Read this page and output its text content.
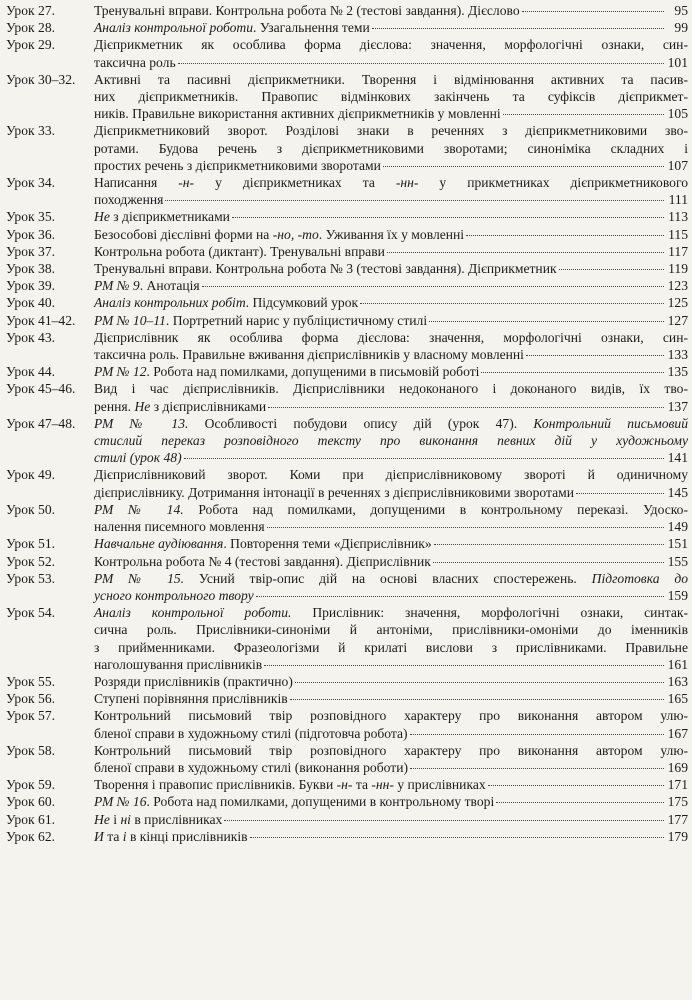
Урок 27.	Тренувальні вправи. Контрольна робота № 2 (тестові завдання). Дієслово	95
Урок 28.	Аналіз контрольної роботи. Узагальнення теми	99
Урок 29.	Дієприкметник як особлива форма дієслова: значення, морфологічні ознаки, син-
таксична роль	101
Урок 30–32.	Активні та пасивні дієприкметники. Творення і відмінювання активних та пасив-
них дієприкметників. Правопис відмінкових закінчень та суфіксів дієприкмет-
ників. Правильне використання активних дієприкметників у мовленні	105
Урок 33.	Дієприкметниковий зворот. Розділові знаки в реченнях з дієприкметниковими зво-
ротами. Будова речень з дієприкметниковими зворотами; синоніміка складних і
простих речень з дієприкметниковими зворотами	107
Урок 34.	Написання -н- у дієприкметниках та -нн- у прикметниках дієприкметникового
походження	111
Урок 35.	Не з дієприкметниками	113
Урок 36.	Безособові дієслівні форми на -но, -то. Уживання їх у мовленні	115
Урок 37.	Контрольна робота (диктант). Тренувальні вправи	117
Урок 38.	Тренувальні вправи. Контрольна робота № 3 (тестові завдання). Дієприкметник	119
Урок 39.	РМ № 9. Анотація	123
Урок 40.	Аналіз контрольних робіт. Підсумковий урок	125
Урок 41–42.	РМ № 10–11. Портретний нарис у публіцистичному стилі	127
Урок 43.	Дієприслівник як особлива форма дієслова: значення, морфологічні ознаки, син-
таксична роль. Правильне вживання дієприслівників у власному мовленні	133
Урок 44.	РМ № 12. Робота над помилками, допущеними в письмовій роботі	135
Урок 45–46.	Вид і час дієприслівників. Дієприслівники недоконаного і доконаного видів, їх тво-
рення. Не з дієприслівниками	137
Урок 47–48.	РМ № 13. Особливості побудови опису дій (урок 47). Контрольний письмовий
стислий переказ розповідного тексту про виконання певних дій у художньому
стилі (урок 48)	141
Урок 49.	Дієприслівниковий зворот. Коми при дієприслівниковому звороті й одиничному
дієприслівнику. Дотримання інтонації в реченнях з дієприслівниковими зворотами	145
Урок 50.	РМ № 14. Робота над помилками, допущеними в контрольному переказі. Удоско-
налення писемного мовлення	149
Урок 51.	Навчальне аудіювання. Повторення теми «Дієприслівник»	151
Урок 52.	Контрольна робота № 4 (тестові завдання). Дієприслівник	155
Урок 53.	РМ № 15. Усний твір-опис дій на основі власних спостережень. Підготовка до
усного контрольного твору	159
Урок 54.	Аналіз контрольної роботи. Прислівник: значення, морфологічні ознаки, синтак-
сична роль. Прислівники-синоніми й антоніми, прислівники-омоніми до іменників
з прийменниками. Фразеологізми й крилаті вислови з прислівниками. Правильне
наголошування прислівників	161
Урок 55.	Розряди прислівників (практично)	163
Урок 56.	Ступені порівняння прислівників	165
Урок 57.	Контрольний письмовий твір розповідного характеру про виконання автором улю-
бленої справи в художньому стилі (підготовча робота)	167
Урок 58.	Контрольний письмовий твір розповідного характеру про виконання автором улю-
бленої справи в художньому стилі (виконання роботи)	169
Урок 59.	Творення і правопис прислівників. Букви -н- та -нн- у прислівниках	171
Урок 60.	РМ № 16. Робота над помилками, допущеними в контрольному творі	175
Урок 61.	Не і ні в прислівниках	177
Урок 62.	И та і в кінці прислівників	179
